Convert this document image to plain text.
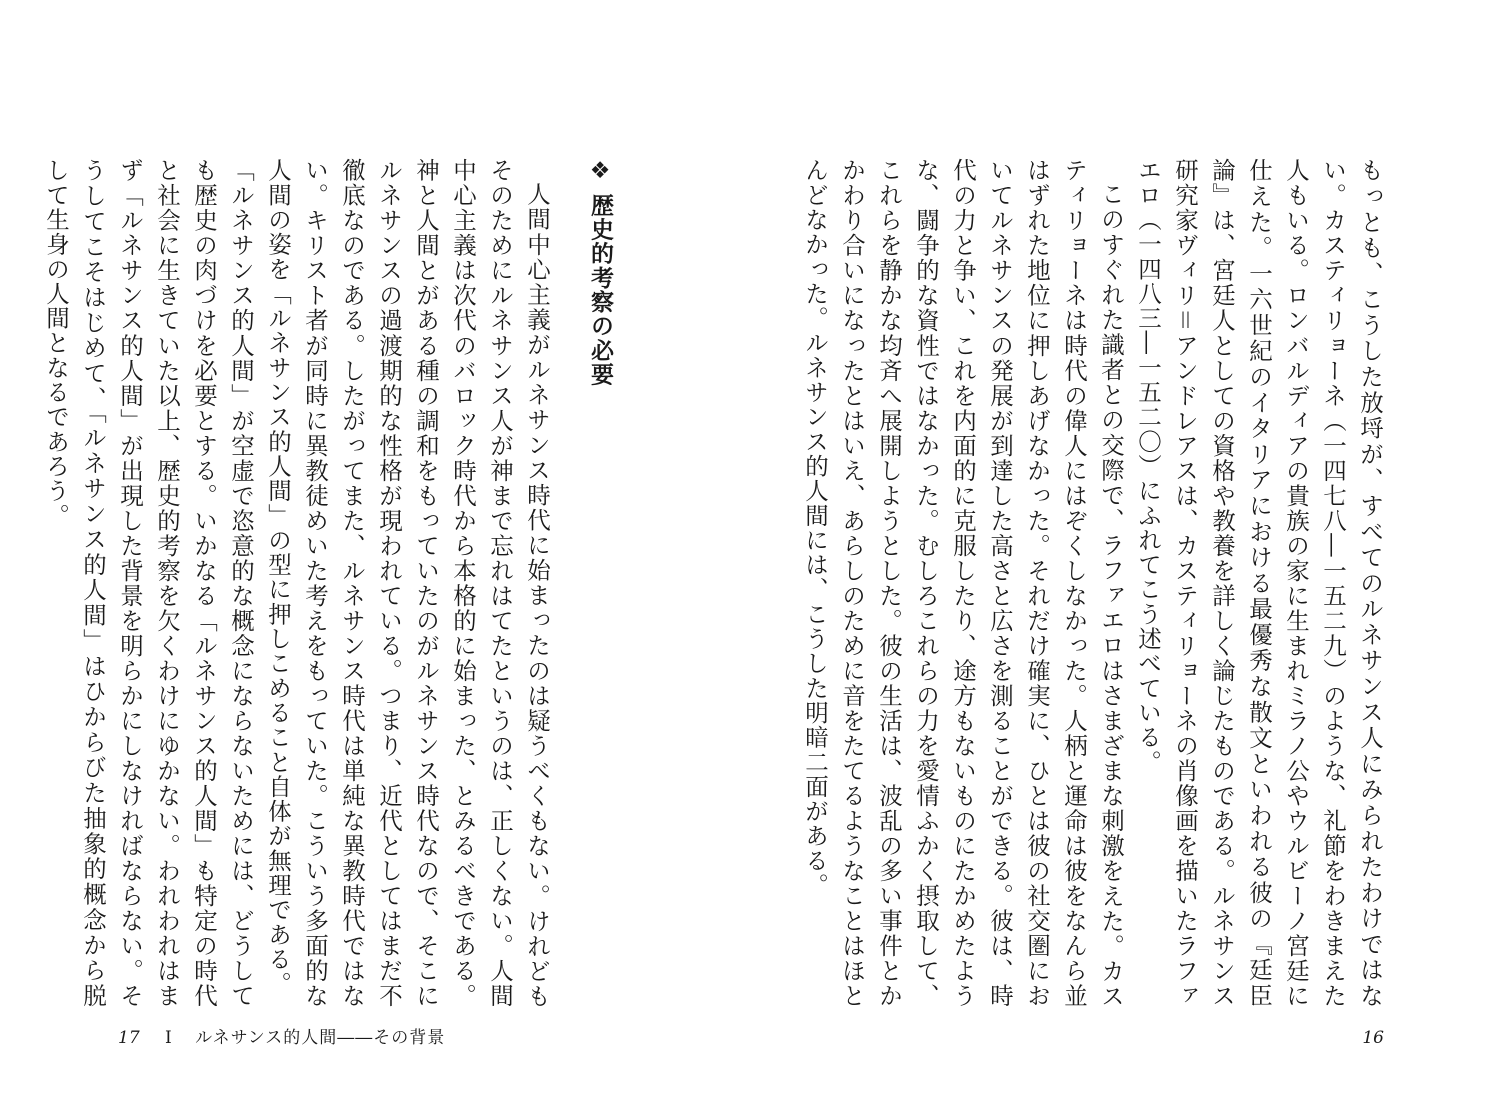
もっとも、こうした放埒が、すべてのルネサンス人にみられたわけではない。カスティリョーネ（一四七八―一五二九）のような、礼節をわきまえた人もいる。ロンバルディアの貴族の家に生まれミラノ公やウルビーノ宮廷に仕えた。一六世紀のイタリアにおける最優秀な散文といわれる彼の『廷臣論』は、宮廷人としての資格や教養を詳しく論じたものである。ルネサンス研究家ヴィリ＝アンドレアスは、カスティリョーネの肖像画を描いたラファエロ（一四八三―一五二〇）にふれてこう述べている。

このすぐれた識者との交際で、ラファエロはさまざまな刺激をえた。カスティリョーネは時代の偉人にはぞくしなかった。人柄と運命は彼をなんら並はずれた地位に押しあげなかった。それだけ確実に、ひとは彼の社交圏においてルネサンスの発展が到達した高さと広さを測ることができる。彼は、時代の力と争い、これを内面的に克服したり、途方もないものにたかめたような、闘争的な資性ではなかった。むしろこれらの力を愛情ふかく摂取して、これらを静かな均斉へ展開しようとした。彼の生活は、波乱の多い事件とかかわり合いになったとはいえ、あらしのために音をたてるようなことはほとんどなかった。ルネサンス的人間には、こうした明暗二面がある。

❖歴史的考察の必要

人間中心主義がルネサンス時代に始まったのは疑うべくもない。けれどもそのためにルネサンス人が神まで忘れはてたというのは、正しくない。人間中心主義は次代のバロック時代から本格的に始まった、とみるべきである。神と人間とがある種の調和をもっていたのがルネサンス時代なので、そこにルネサンスの過渡期的な性格が現われている。つまり、近代としてはまだ不徹底なのである。したがってまた、ルネサンス時代は単純な異教時代ではない。キリスト者が同時に異教徒めいた考えをもっていた。こういう多面的な人間の姿を「ルネサンス的人間」の型に押しこめること自体が無理である。

「ルネサンス的人間」が空虚で恣意的な概念にならないためには、どうしても歴史の肉づけを必要とする。いかなる「ルネサンス的人間」も特定の時代と社会に生きていた以上、歴史的考察を欠くわけにゆかない。われわれはまず「ルネサンス的人間」が出現した背景を明らかにしなければならない。そうしてこそはじめて、「ルネサンス的人間」はひからびた抽象的概念から脱して生身の人間となるであろう。

17 Ⅰ ルネサンス的人間――その背景	16
